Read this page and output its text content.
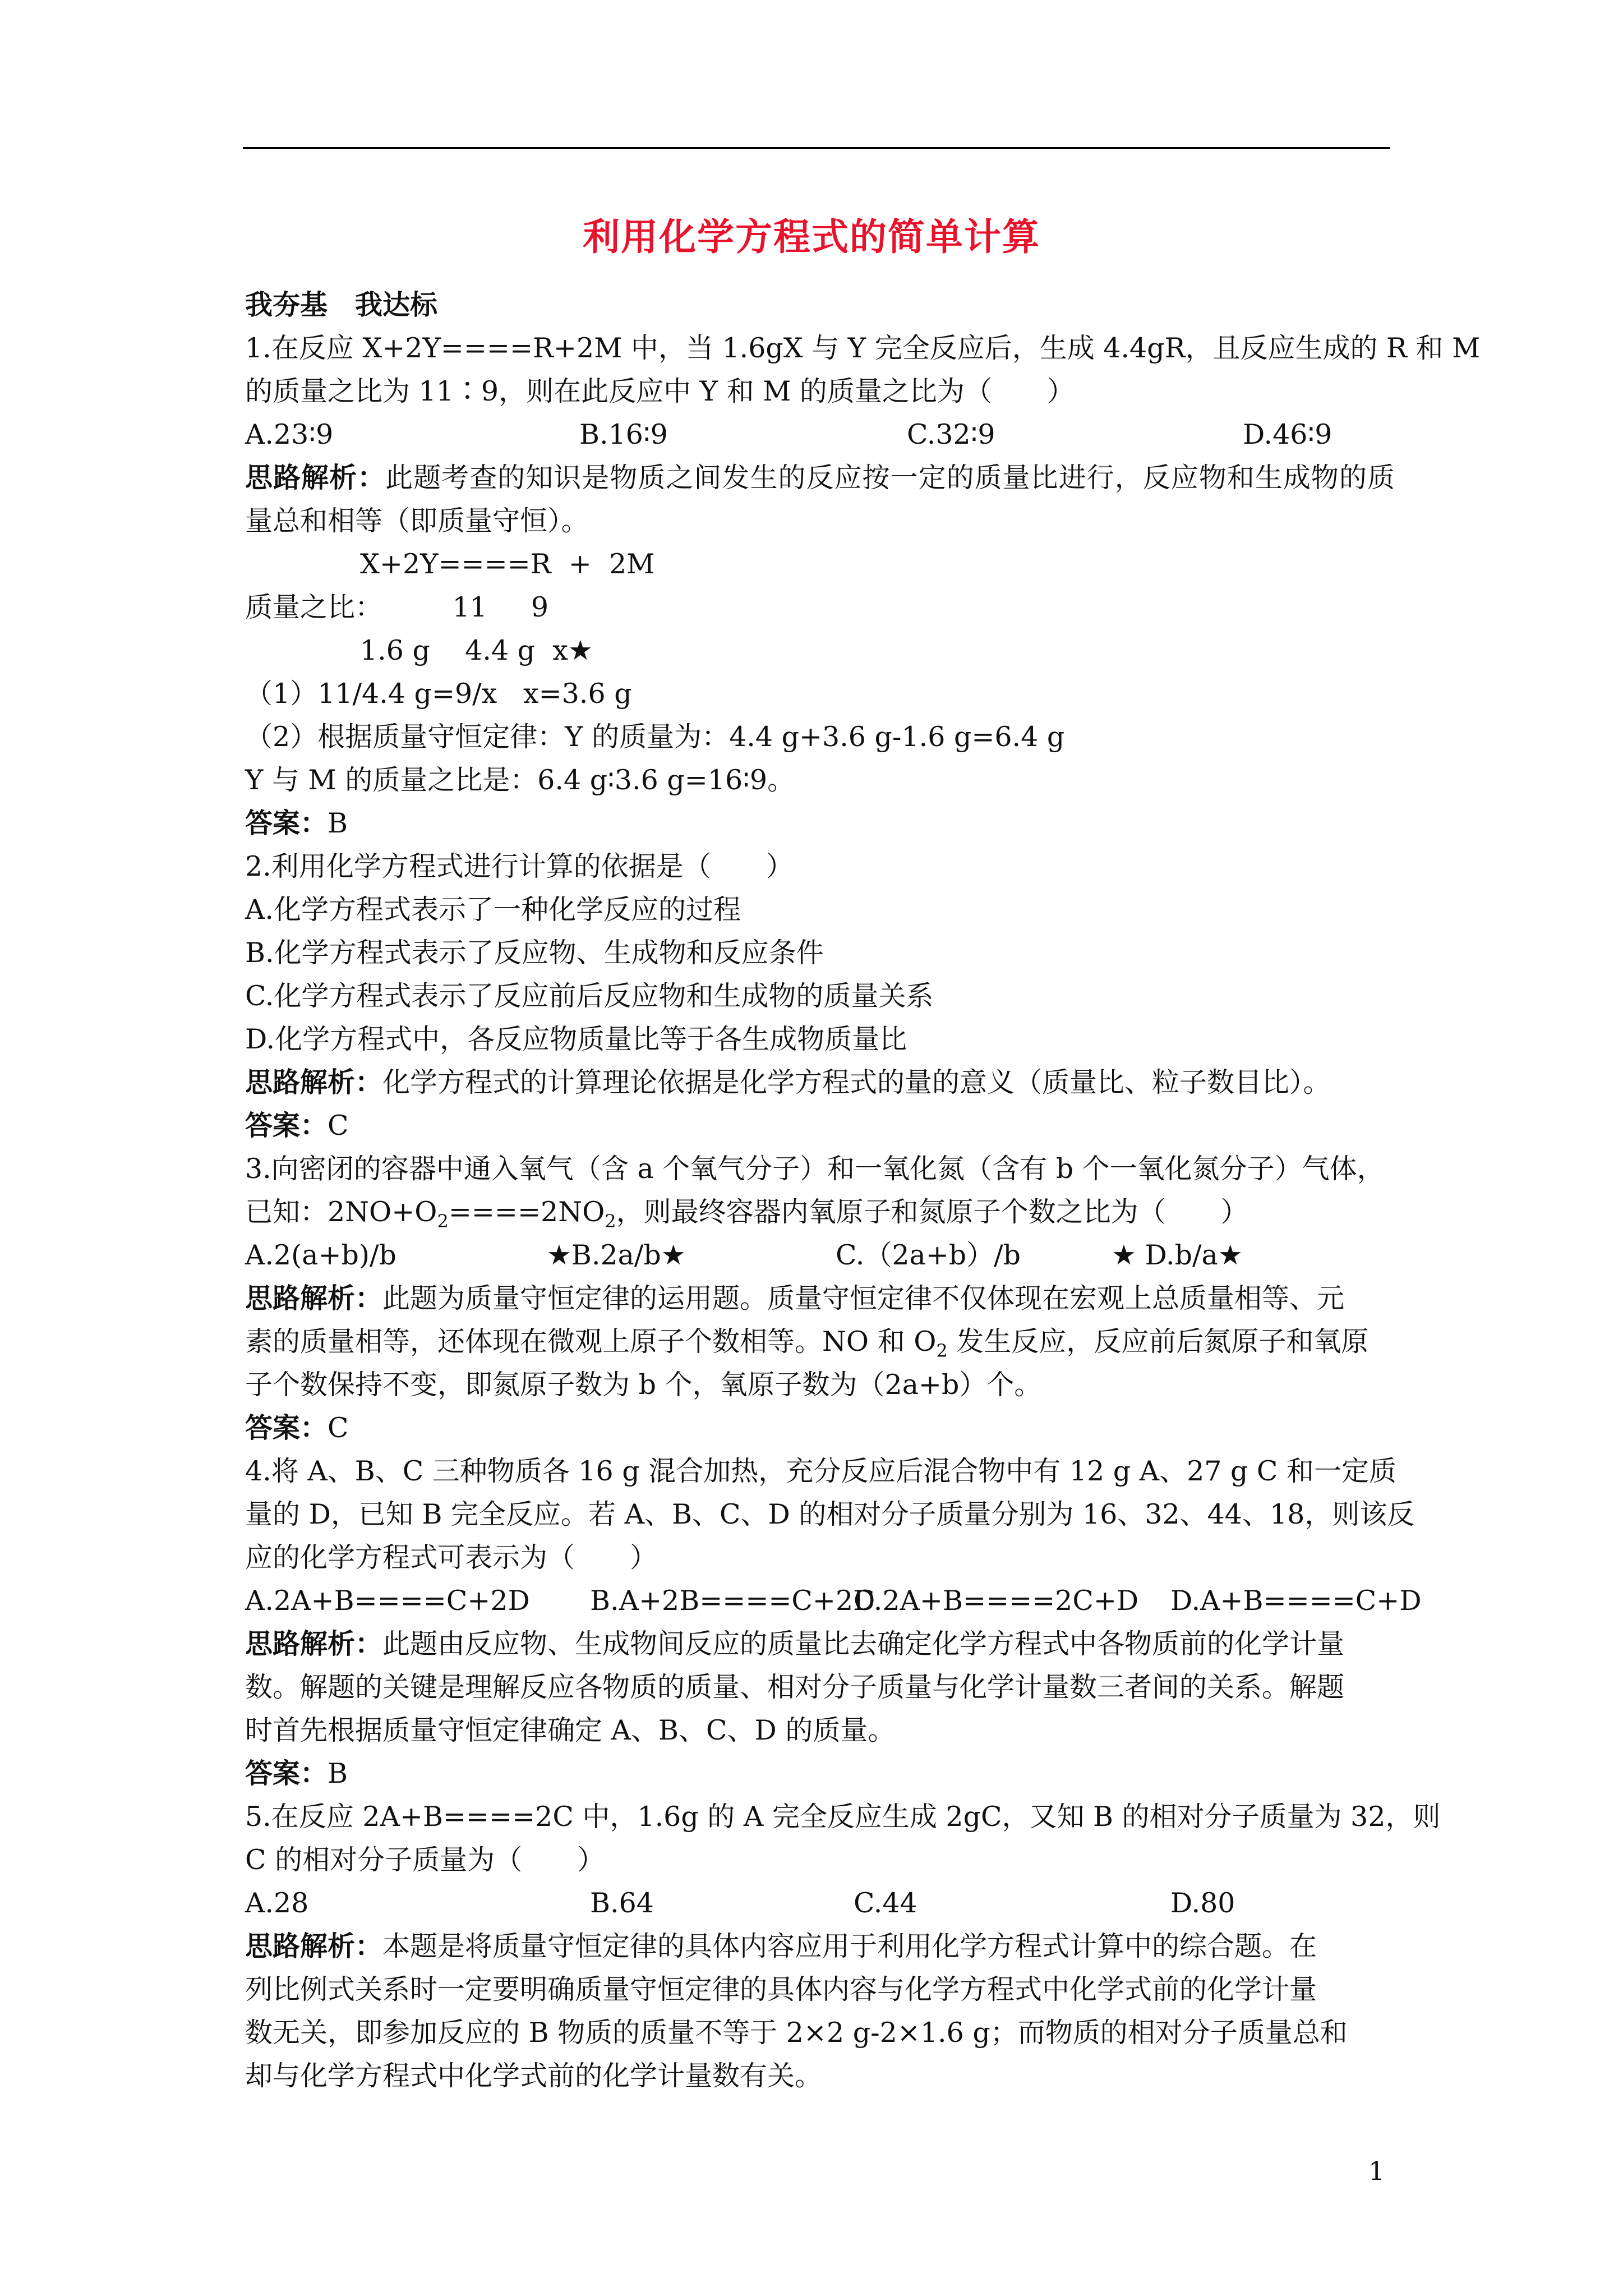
利用化学方程式的简单计算
我夯基　我达标
1.在反应 X+2Y====R+2M 中，当 1.6gX 与 Y 完全反应后，生成 4.4gR，且反应生成的 R 和 M
的质量之比为 11∶9，则在此反应中 Y 和 M 的质量之比为（　　）
A.23∶9	B.16∶9	C.32∶9	D.46∶9
思路解析：此题考查的知识是物质之间发生的反应按一定的质量比进行，反应物和生成物的质量总和相等（即质量守恒）。
X+2Y====R  +  2M
质量之比：        11     9
1.6 g    4.4 g  x★
（1）11/4.4 g=9/x   x=3.6 g
（2）根据质量守恒定律：Y 的质量为：4.4 g+3.6 g-1.6 g=6.4 g
Y 与 M 的质量之比是：6.4 g∶3.6 g=16∶9。
答案：B
2.利用化学方程式进行计算的依据是（　　）
A.化学方程式表示了一种化学反应的过程
B.化学方程式表示了反应物、生成物和反应条件
C.化学方程式表示了反应前后反应物和生成物的质量关系
D.化学方程式中，各反应物质量比等于各生成物质量比
思路解析：化学方程式的计算理论依据是化学方程式的量的意义（质量比、粒子数目比）。
答案：C
3.向密闭的容器中通入氧气（含 a 个氧气分子）和一氧化氮（含有 b 个一氧化氮分子）气体，
已知：$2NO+O_2====2NO_2$，则最终容器内氧原子和氮原子个数之比为（　　）
A.2(a+b)/b	★B.2a/b★	C.（2a+b）/b	★ D.b/a★
思路解析：此题为质量守恒定律的运用题。质量守恒定律不仅体现在宏观上总质量相等、元
素的质量相等，还体现在微观上原子个数相等。NO 和 $O_2$ 发生反应，反应前后氮原子和氧原
子个数保持不变，即氮原子数为 b 个，氧原子数为（2a+b）个。
答案：C
4.将 A、B、C 三种物质各 16 g 混合加热，充分反应后混合物中有 12 g A、27 g C 和一定质
量的 D，已知 B 完全反应。若 A、B、C、D 的相对分子质量分别为 16、32、44、18，则该反
应的化学方程式可表示为（　　）
A.2A+B====C+2D B.A+2B====C+2D
C.2A+B====2C+D D.A+B====C+D
思路解析：此题由反应物、生成物间反应的质量比去确定化学方程式中各物质前的化学计量
数。解题的关键是理解反应各物质的质量、相对分子质量与化学计量数三者间的关系。解题
时首先根据质量守恒定律确定 A、B、C、D 的质量。
答案：B
5.在反应 2A+B====2C 中，1.6g 的 A 完全反应生成 2gC，又知 B 的相对分子质量为 32，则
C 的相对分子质量为（　　）
A.28	B.64	C.44	D.80
思路解析：本题是将质量守恒定律的具体内容应用于利用化学方程式计算中的综合题。在
列比例式关系时一定要明确质量守恒定律的具体内容与化学方程式中化学式前的化学计量
数无关，即参加反应的 B 物质的质量不等于 2×2 g-2×1.6 g；而物质的相对分子质量总和
却与化学方程式中化学式前的化学计量数有关。
1
